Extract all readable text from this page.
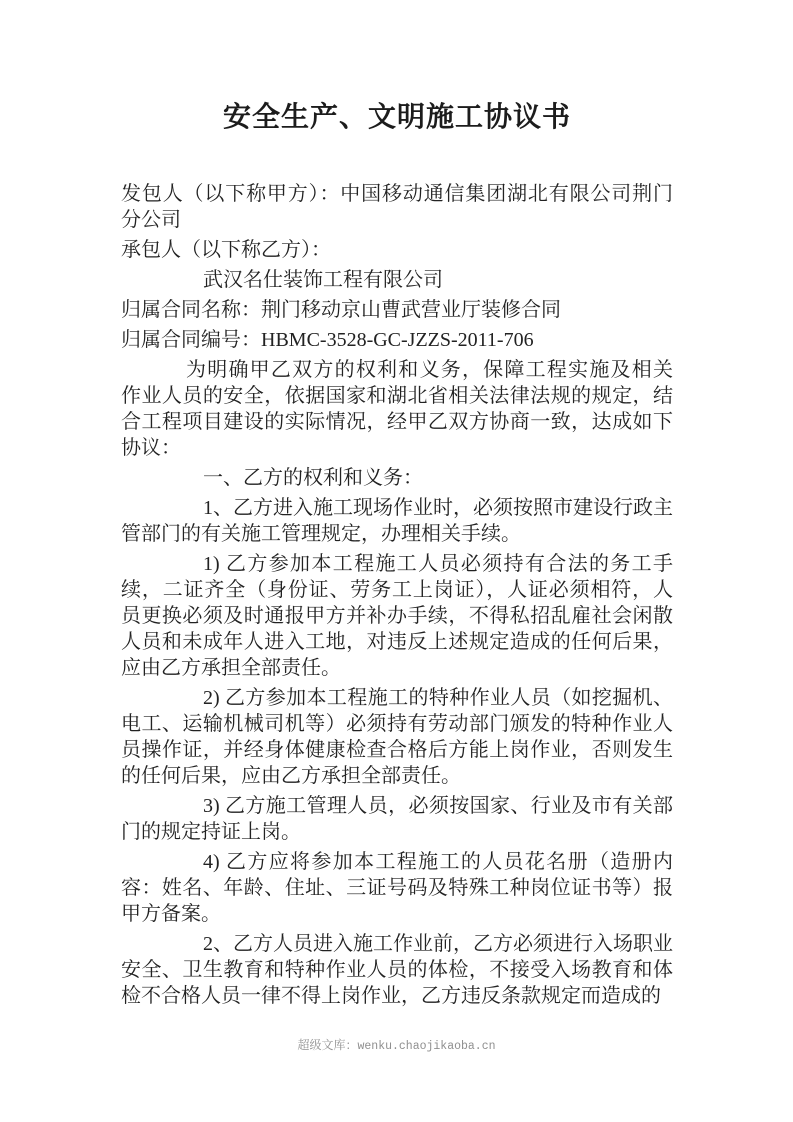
安全生产、文明施工协议书

发包人（以下称甲方）：中国移动通信集团湖北有限公司荆门
分公司

承包人（以下称乙方）：

武汉名仕装饰工程有限公司

归属合同名称：荆门移动京山曹武营业厅装修合同

归属合同编号：HBMC-3528-GC-JZZS-2011-706

为明确甲乙双方的权利和义务，保障工程实施及相关
作业人员的安全，依据国家和湖北省相关法律法规的规定，结
合工程项目建设的实际情况，经甲乙双方协商一致，达成如下
协议：

一、乙方的权利和义务：

1、乙方进入施工现场作业时，必须按照市建设行政主
管部门的有关施工管理规定，办理相关手续。

1) 乙方参加本工程施工人员必须持有合法的务工手
续，二证齐全（身份证、劳务工上岗证），人证必须相符，人
员更换必须及时通报甲方并补办手续，不得私招乱雇社会闲散
人员和未成年人进入工地，对违反上述规定造成的任何后果，
应由乙方承担全部责任。

2) 乙方参加本工程施工的特种作业人员（如挖掘机、
电工、运输机械司机等）必须持有劳动部门颁发的特种作业人
员操作证，并经身体健康检查合格后方能上岗作业，否则发生
的任何后果，应由乙方承担全部责任。

3) 乙方施工管理人员，必须按国家、行业及市有关部
门的规定持证上岗。

4) 乙方应将参加本工程施工的人员花名册（造册内
容：姓名、年龄、住址、三证号码及特殊工种岗位证书等）报
甲方备案。

2、乙方人员进入施工作业前，乙方必须进行入场职业
安全、卫生教育和特种作业人员的体检，不接受入场教育和体
检不合格人员一律不得上岗作业，乙方违反条款规定而造成的

超级文库：wenku.chaojikaoba.cn
